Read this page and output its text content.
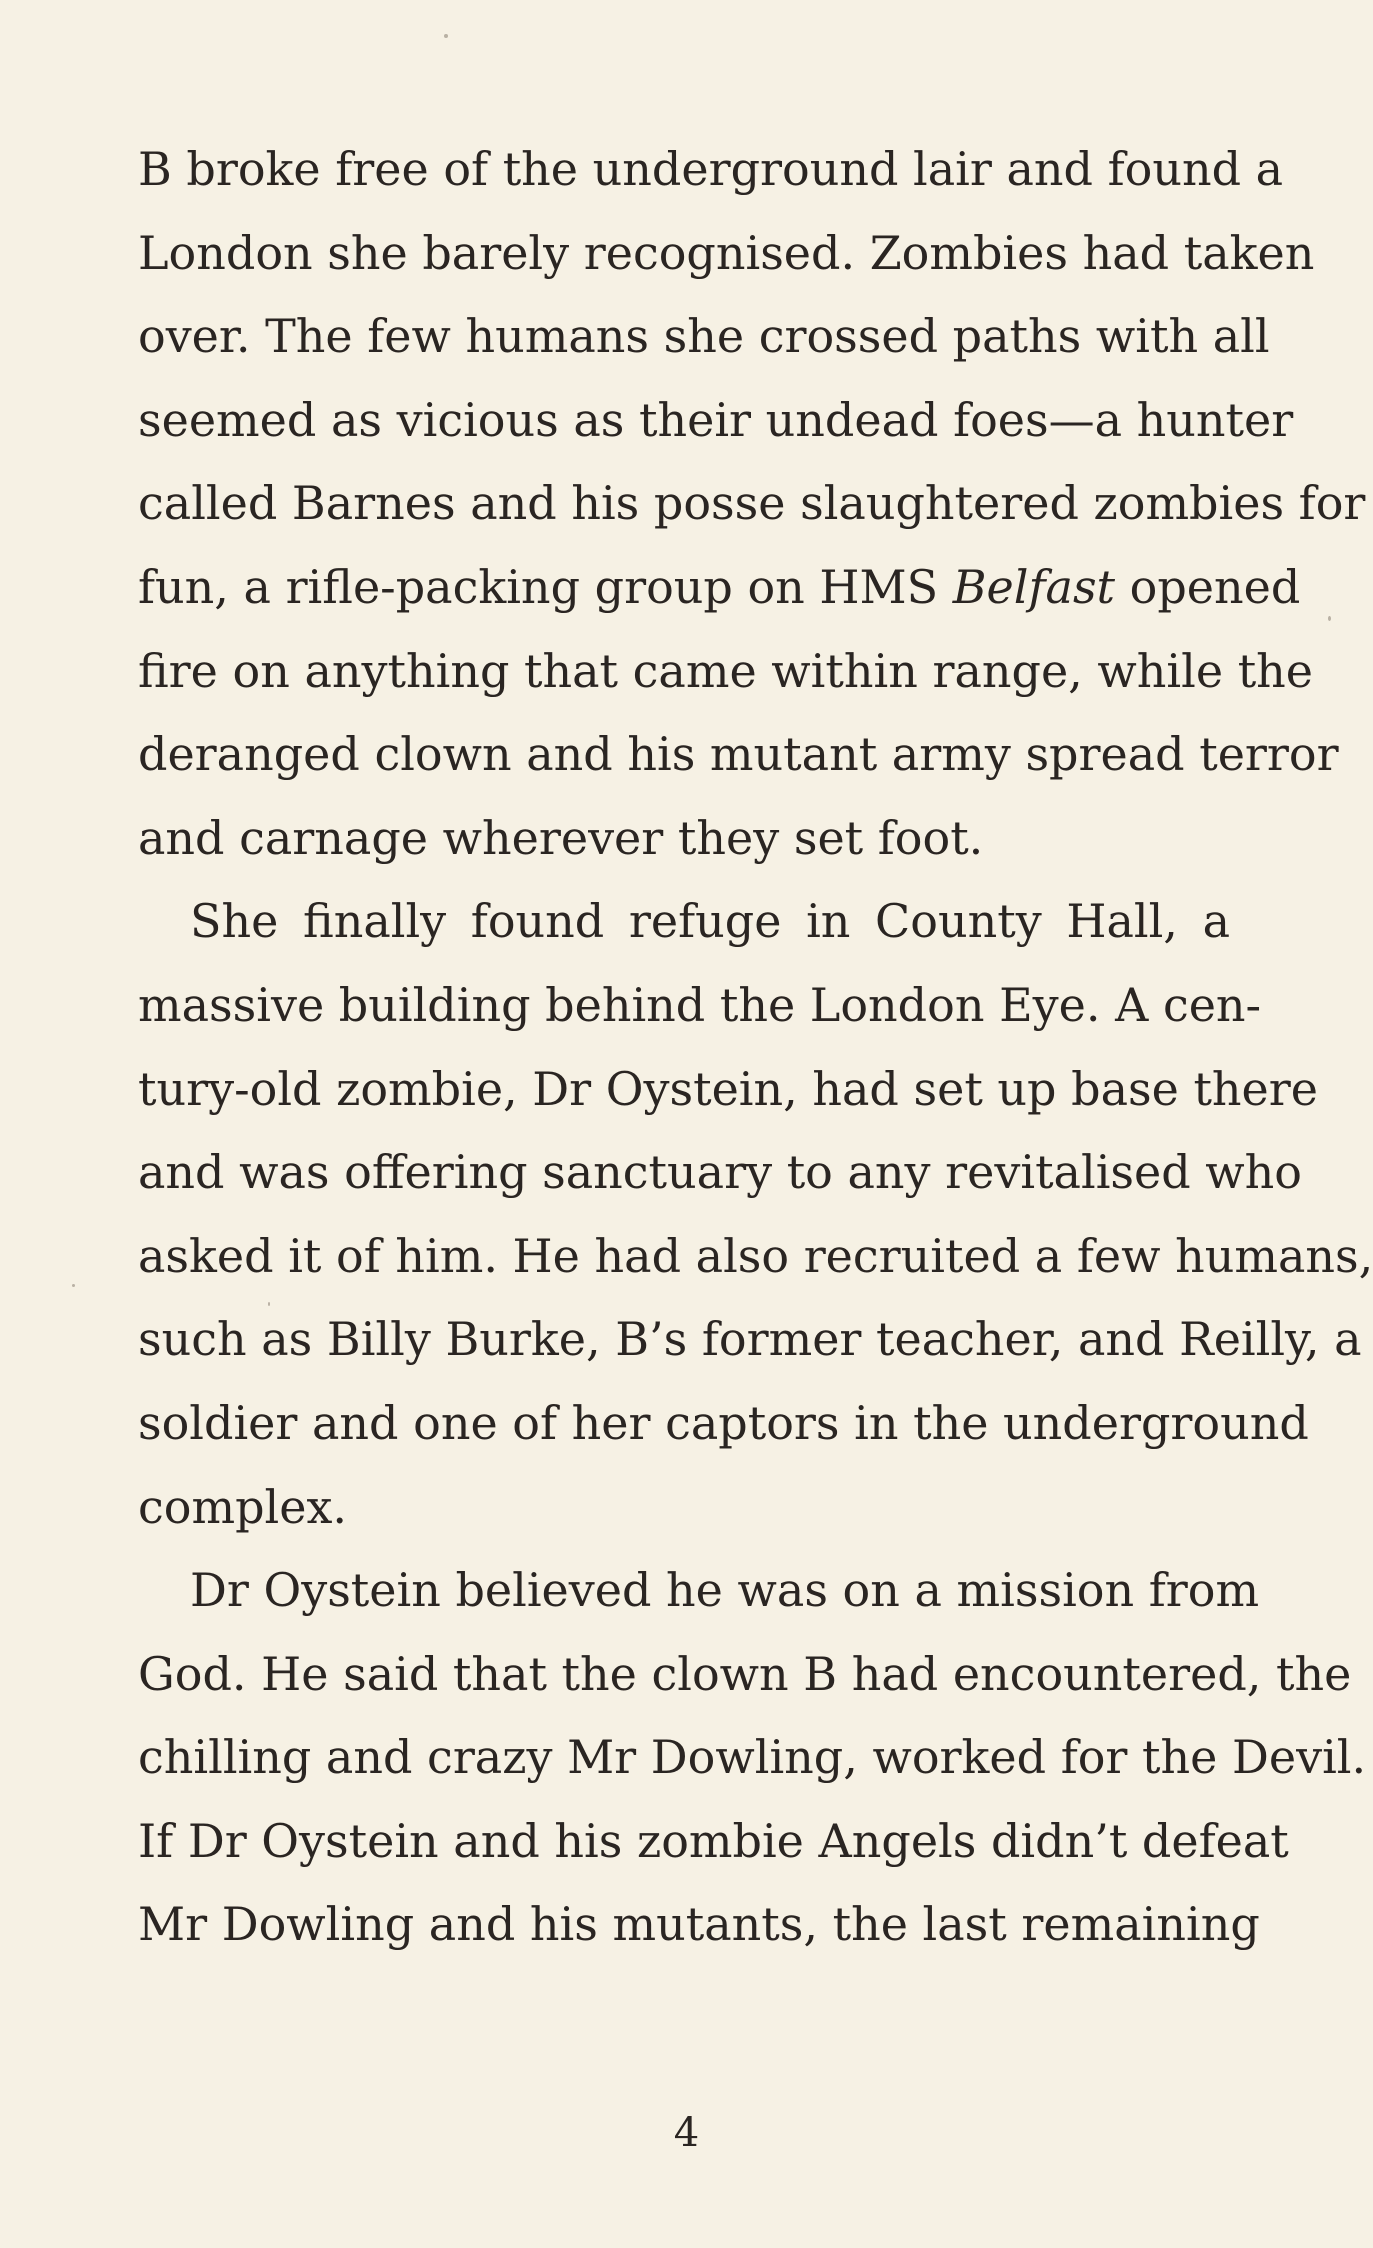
B broke free of the underground lair and found a
London she barely recognised. Zombies had taken
over. The few humans she crossed paths with all
seemed as vicious as their undead foes—a hunter
called Barnes and his posse slaughtered zombies for
fun, a rifle-packing group on HMS Belfast opened
fire on anything that came within range, while the
deranged clown and his mutant army spread terror
and carnage wherever they set foot.
She finally found refuge in County Hall, a
massive building behind the London Eye. A cen-
tury-old zombie, Dr Oystein, had set up base there
and was offering sanctuary to any revitalised who
asked it of him. He had also recruited a few humans,
such as Billy Burke, B’s former teacher, and Reilly, a
soldier and one of her captors in the underground
complex.
Dr Oystein believed he was on a mission from
God. He said that the clown B had encountered, the
chilling and crazy Mr Dowling, worked for the Devil.
If Dr Oystein and his zombie Angels didn’t defeat
Mr Dowling and his mutants, the last remaining
4
